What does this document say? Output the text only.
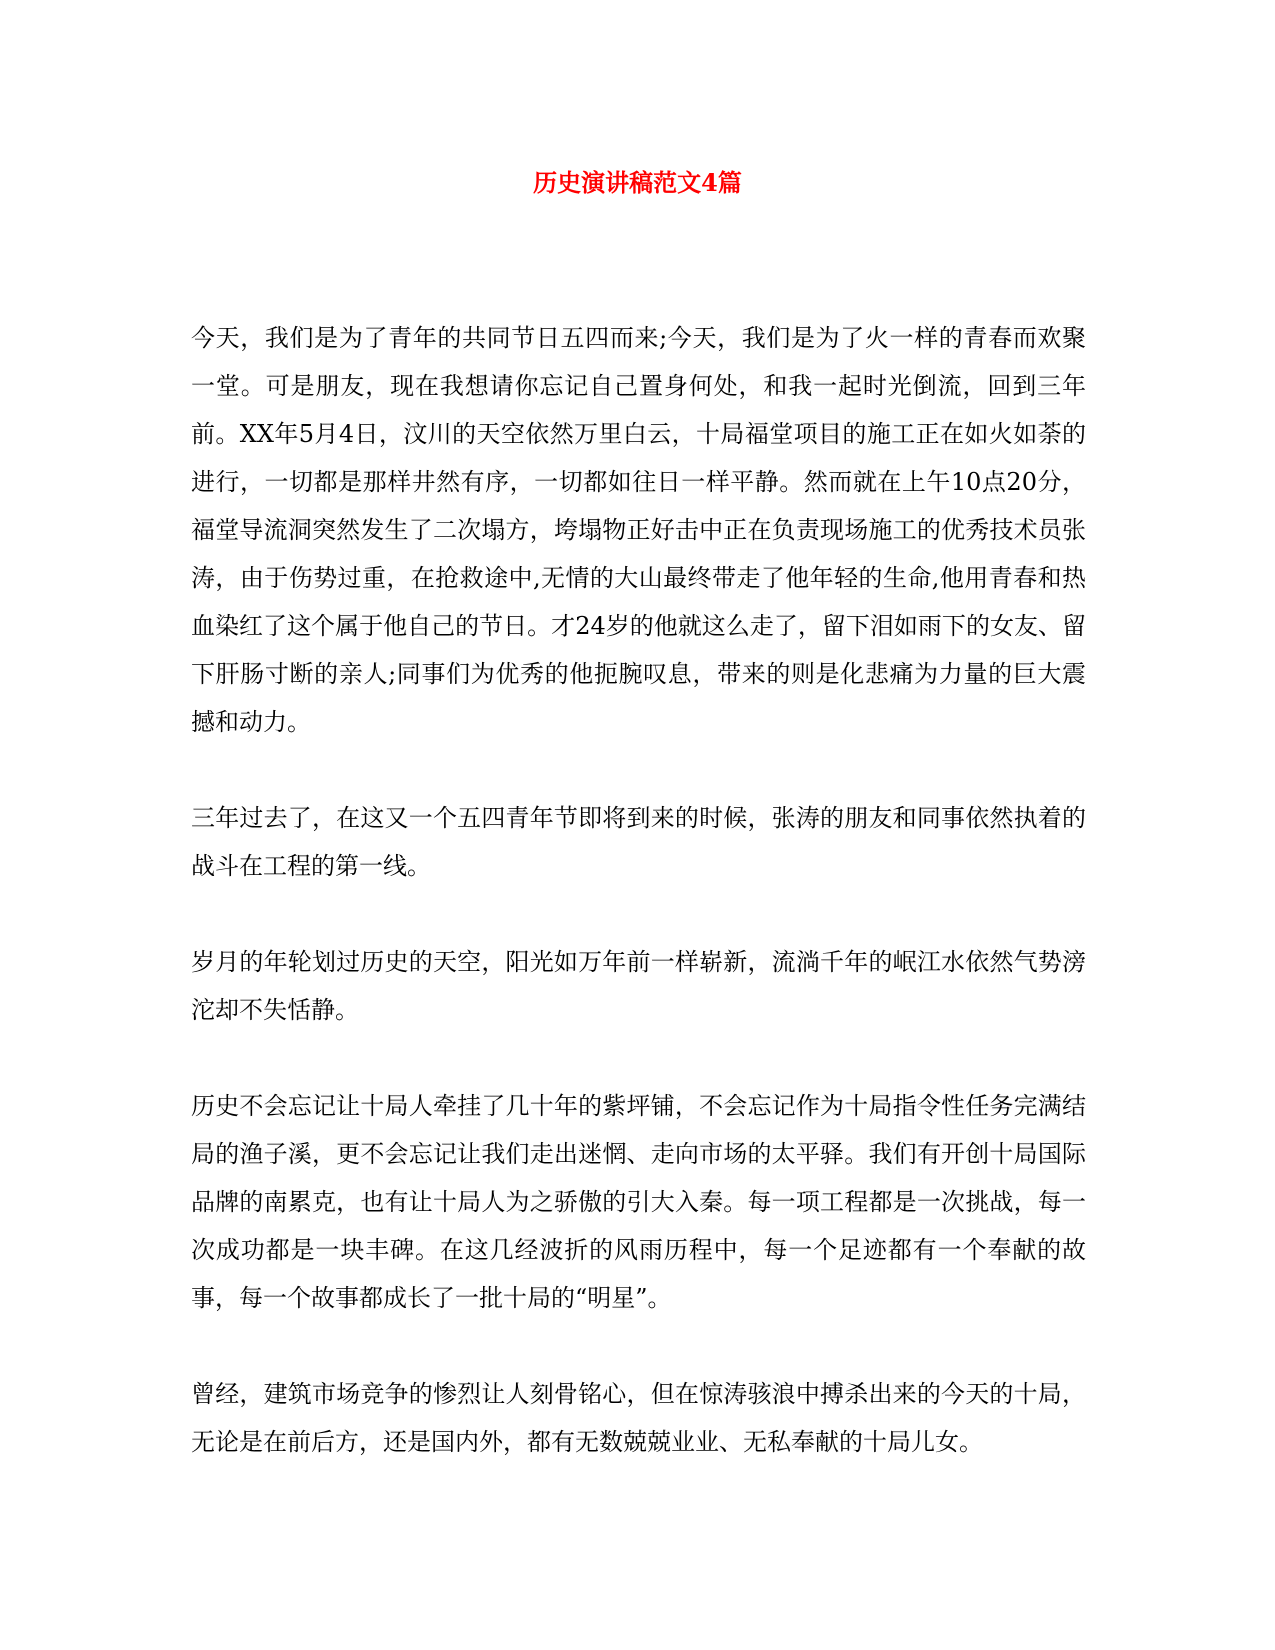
历史演讲稿范文4篇

今天，我们是为了青年的共同节日五四而来;今天，我们是为了火一样的青春而欢聚一堂。可是朋友，现在我想请你忘记自己置身何处，和我一起时光倒流，回到三年前。XX年5月4日，汶川的天空依然万里白云，十局福堂项目的施工正在如火如荼的进行，一切都是那样井然有序，一切都如往日一样平静。然而就在上午10点20分，福堂导流洞突然发生了二次塌方，垮塌物正好击中正在负责现场施工的优秀技术员张涛，由于伤势过重，在抢救途中,无情的大山最终带走了他年轻的生命,他用青春和热血染红了这个属于他自己的节日。才24岁的他就这么走了，留下泪如雨下的女友、留下肝肠寸断的亲人;同事们为优秀的他扼腕叹息，带来的则是化悲痛为力量的巨大震撼和动力。

三年过去了，在这又一个五四青年节即将到来的时候，张涛的朋友和同事依然执着的战斗在工程的第一线。

岁月的年轮划过历史的天空，阳光如万年前一样崭新，流淌千年的岷江水依然气势滂沱却不失恬静。

历史不会忘记让十局人牵挂了几十年的紫坪铺，不会忘记作为十局指令性任务完满结局的渔子溪，更不会忘记让我们走出迷惘、走向市场的太平驿。我们有开创十局国际品牌的南累克，也有让十局人为之骄傲的引大入秦。每一项工程都是一次挑战，每一次成功都是一块丰碑。在这几经波折的风雨历程中，每一个足迹都有一个奉献的故事，每一个故事都成长了一批十局的“明星”。

曾经，建筑市场竞争的惨烈让人刻骨铭心，但在惊涛骇浪中搏杀出来的今天的十局，无论是在前后方，还是国内外，都有无数兢兢业业、无私奉献的十局儿女。
